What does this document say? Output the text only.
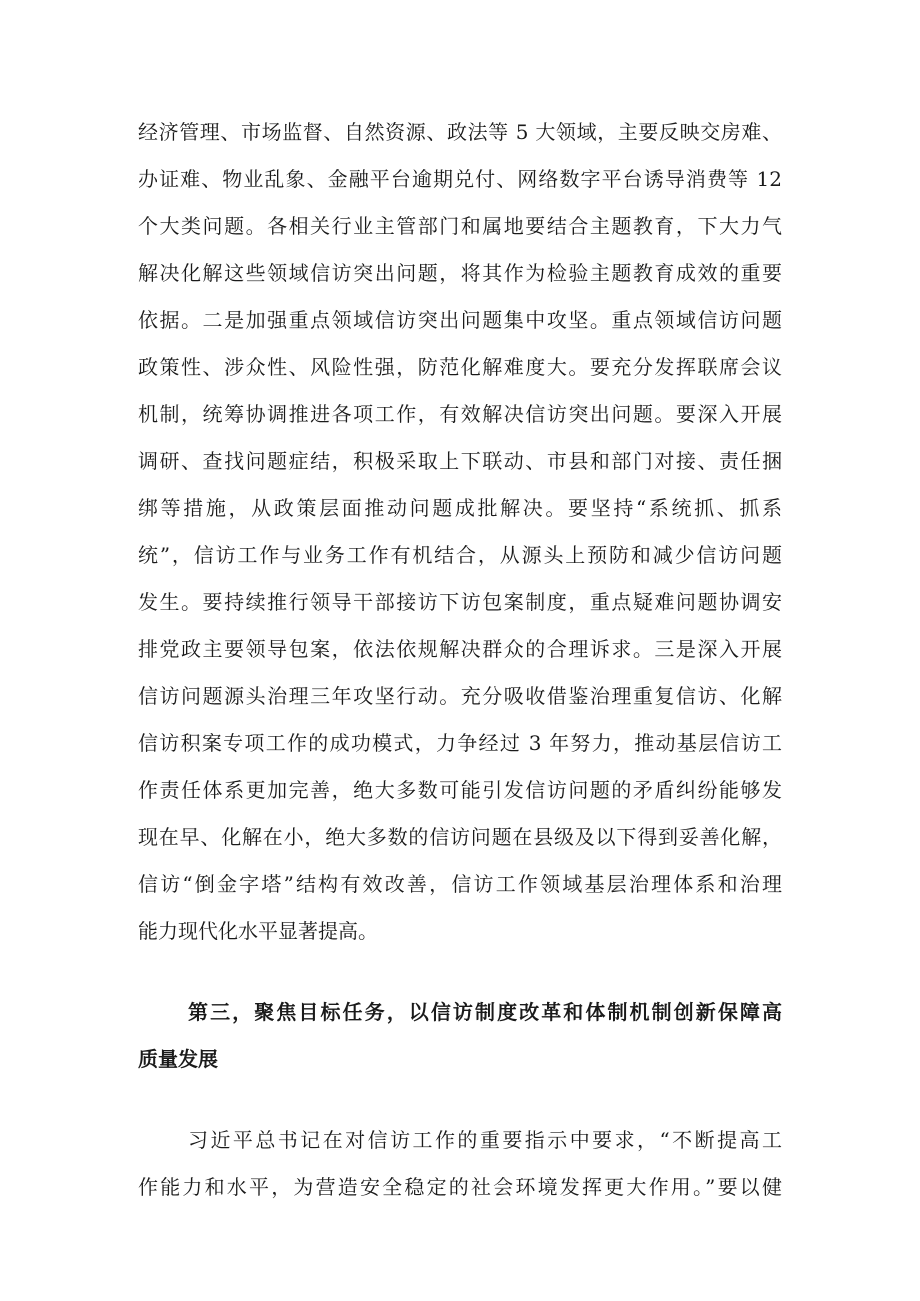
经济管理、市场监督、自然资源、政法等 5 大领域，主要反映交房难、
办证难、物业乱象、金融平台逾期兑付、网络数字平台诱导消费等 12
个大类问题。各相关行业主管部门和属地要结合主题教育，下大力气
解决化解这些领域信访突出问题，将其作为检验主题教育成效的重要
依据。二是加强重点领域信访突出问题集中攻坚。重点领域信访问题
政策性、涉众性、风险性强，防范化解难度大。要充分发挥联席会议
机制，统筹协调推进各项工作，有效解决信访突出问题。要深入开展
调研、查找问题症结，积极采取上下联动、市县和部门对接、责任捆
绑等措施，从政策层面推动问题成批解决。要坚持“系统抓、抓系
统”，信访工作与业务工作有机结合，从源头上预防和减少信访问题
发生。要持续推行领导干部接访下访包案制度，重点疑难问题协调安
排党政主要领导包案，依法依规解决群众的合理诉求。三是深入开展
信访问题源头治理三年攻坚行动。充分吸收借鉴治理重复信访、化解
信访积案专项工作的成功模式，力争经过 3 年努力，推动基层信访工
作责任体系更加完善，绝大多数可能引发信访问题的矛盾纠纷能够发
现在早、化解在小，绝大多数的信访问题在县级及以下得到妥善化解，
信访“倒金字塔”结构有效改善，信访工作领域基层治理体系和治理
能力现代化水平显著提高。
第三，聚焦目标任务，以信访制度改革和体制机制创新保障高
质量发展
习近平总书记在对信访工作的重要指示中要求，“不断提高工
作能力和水平，为营造安全稳定的社会环境发挥更大作用。”要以健
